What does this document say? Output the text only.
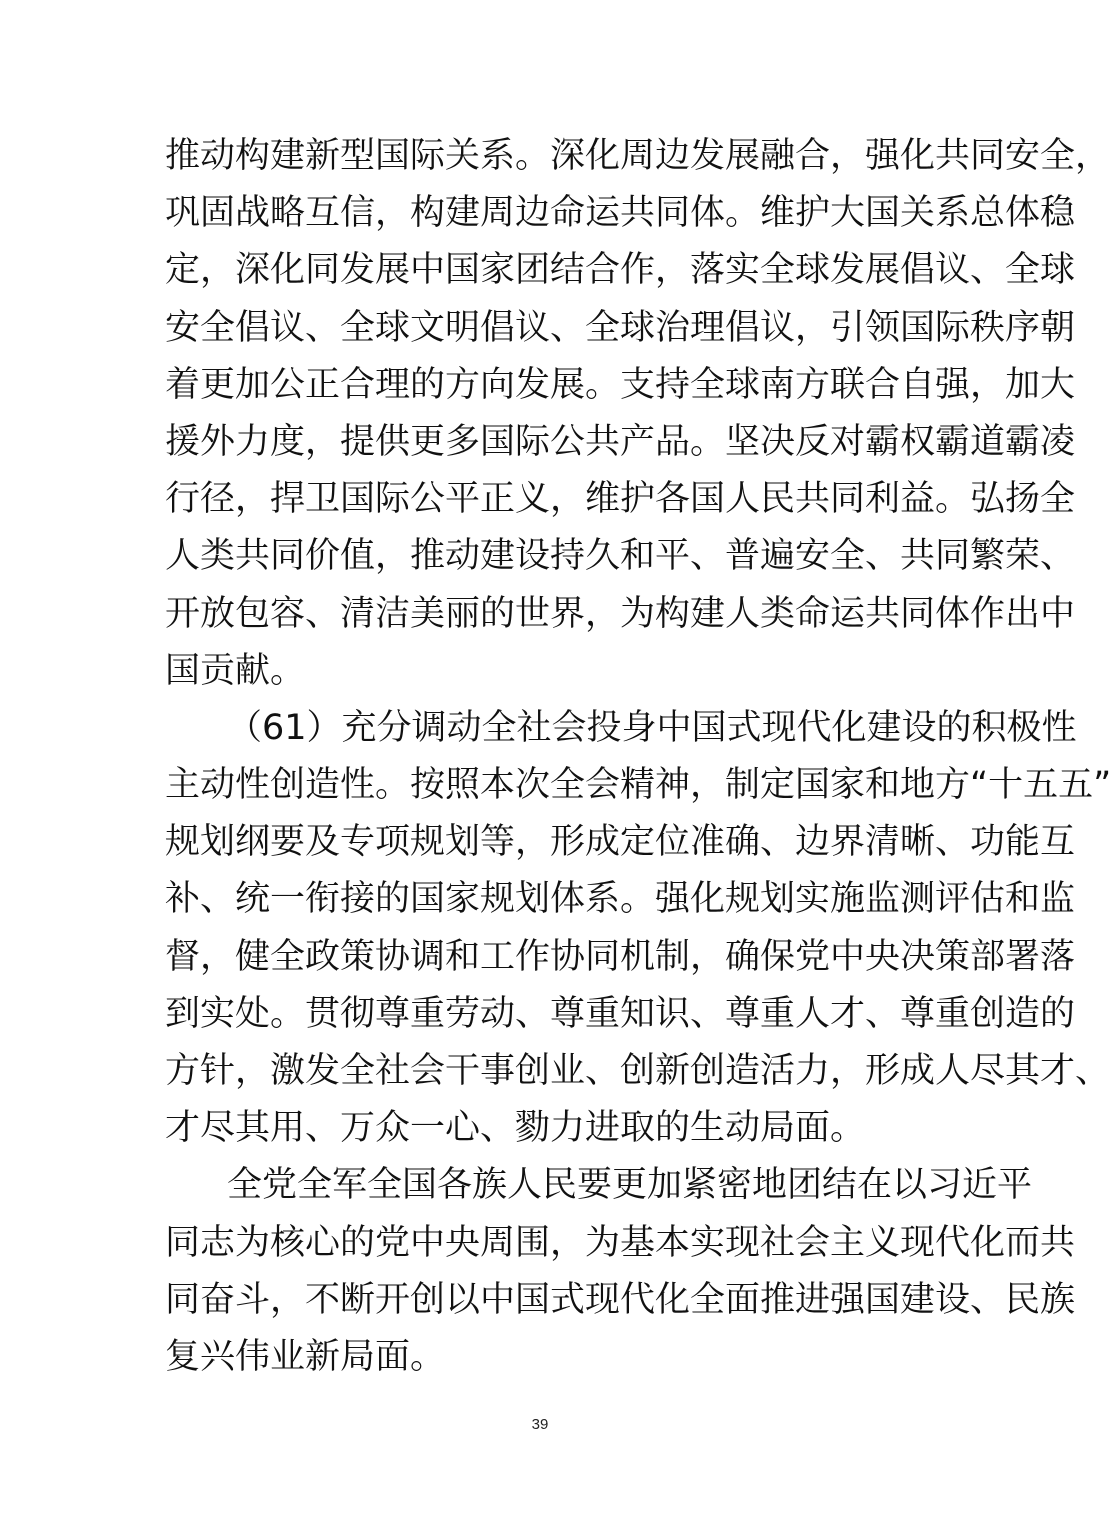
推动构建新型国际关系。深化周边发展融合，强化共同安全，
巩固战略互信，构建周边命运共同体。维护大国关系总体稳
定，深化同发展中国家团结合作，落实全球发展倡议、全球
安全倡议、全球文明倡议、全球治理倡议，引领国际秩序朝
着更加公正合理的方向发展。支持全球南方联合自强，加大
援外力度，提供更多国际公共产品。坚决反对霸权霸道霸凌
行径，捍卫国际公平正义，维护各国人民共同利益。弘扬全
人类共同价值，推动建设持久和平、普遍安全、共同繁荣、
开放包容、清洁美丽的世界，为构建人类命运共同体作出中
国贡献。
（61）充分调动全社会投身中国式现代化建设的积极性
主动性创造性。按照本次全会精神，制定国家和地方“十五五”
规划纲要及专项规划等，形成定位准确、边界清晰、功能互
补、统一衔接的国家规划体系。强化规划实施监测评估和监
督，健全政策协调和工作协同机制，确保党中央决策部署落
到实处。贯彻尊重劳动、尊重知识、尊重人才、尊重创造的
方针，激发全社会干事创业、创新创造活力，形成人尽其才、
才尽其用、万众一心、勠力进取的生动局面。
全党全军全国各族人民要更加紧密地团结在以习近平
同志为核心的党中央周围，为基本实现社会主义现代化而共
同奋斗，不断开创以中国式现代化全面推进强国建设、民族
复兴伟业新局面。
39
